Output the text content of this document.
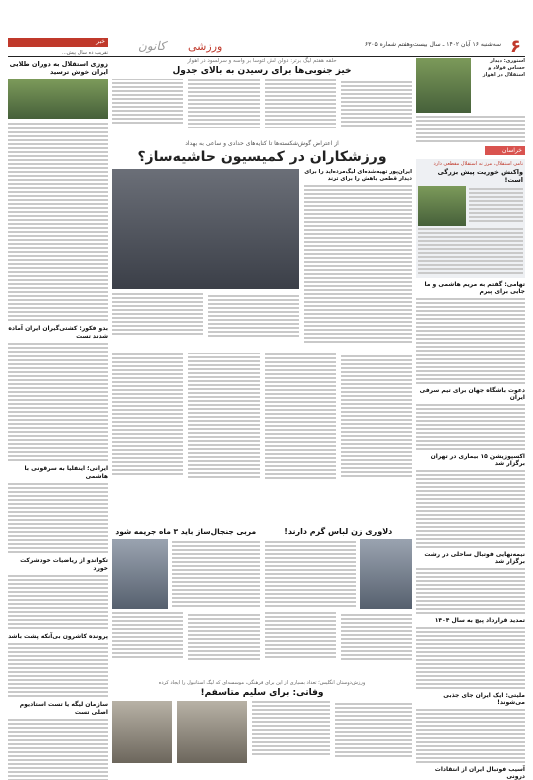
۶
سه‌شنبه ۱۶ آبان ۱۴۰۲ ـ سال بیست‌وهفتم شماره ۶۳۰۵
ورزشی
کانون
خبر
تقریب ده سال پیش...
زوزی استقلال به دوران طلایی ایران خوش ترسید
بدو فکور: کشتی‌گیران ایران آماده شدند تست
ایرانی؛ اینفلیا به سرقونی با هاشمی
تکواندو از ریاضیات خودشرکت خورد
پرونده کاشرون بی‌آنکه پشت باشد
سازمان لیگه یا تست استادیوم اصلی تست
حلقه هفتم لیگ برتر: دولن لش لتوسا بر واسه و سرلسود در اهواز
خیز جنوبی‌ها برای رسیدن به بالای جدول
از اعتراض گوش‌شکسته‌ها تا کنایه‌های حدادی و ساعی به بهداد
ورزشکاران در کمیسیون حاشیه‌ساز؟
ایران‌پور تهیه‌شده‌ای لیگ‌مرده‌اید را برای دیدار قطعی باهش را برای ترند
دلاوری زن لباس گرم دارند!
مربی جنجال‌ساز باید ۳ ماه جریمه شود
ورزش‌دوستان انگلیس؛ تعداد بسیاری از این برای فرهنگی، موسسه‌ای که لیگ استانبول را ایجاد کرده
وفاتی: برای سلیم متاسفم!
استوری: دیدار حساس فولاد و استقلال در اهواز
خراسان
نامی استقلال، مرز نه استقلال مقطعی دارد
واکنش خوریت پیش بزرگی است!
تهامی: گفتم به مریم هاشمی و ما جایی برای پیرم
دعوت باشگاه جهان برای تیم سرفی ایران
اکسپوزیشن ۱۵ بیماری در تهران برگزار شد
نیمه‌نهایی فوتبال ساحلی در رشت برگزار شد
تمدید قرارداد پیچ به سال ۱۴۰۴
ملیتی: ایک ایران جای جذبی می‌شوند!
آسیب فوتبال ایران از انتقادات درونی
